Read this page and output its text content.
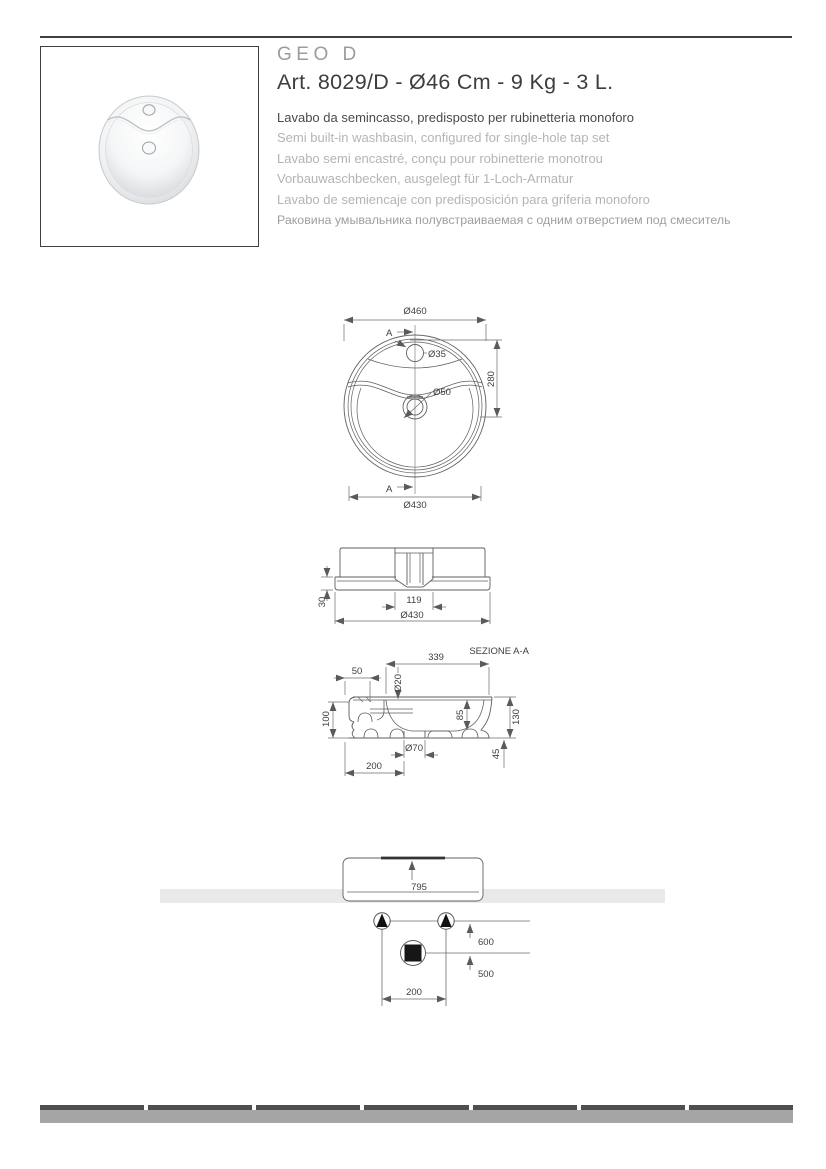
GEO D
Art. 8029/D - Ø46 Cm - 9 Kg - 3 L.
Lavabo da semincasso, predisposto per rubinetteria monoforo
Semi built-in washbasin, configured for single-hole tap set
Lavabo semi encastré, conçu pour robinetterie monotrou
Vorbauwaschbecken, ausgelegt für 1-Loch-Armatur
Lavabo de semiencaje con predisposición para griferia monoforo
Раковина умывальника полувстраиваемая с одним отверстием под смеситель
Ø460
A
Ø35
Ø50
280
A
Ø430
30	119
Ø430
SEZIONE A-A
339
50
Ø20
85	130
100
Ø70	45
200
795
600
500
200
